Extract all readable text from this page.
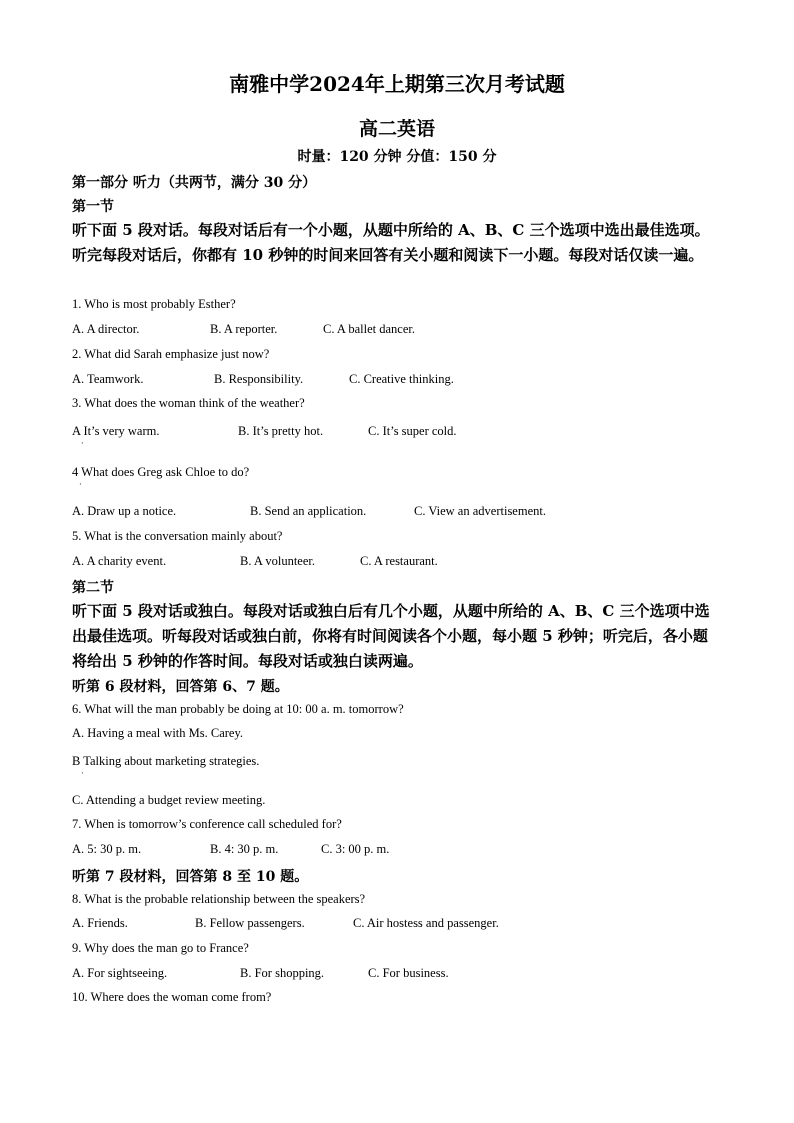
南雅中学2024年上期第三次月考试题
高二英语
时量：120 分钟 分值：150 分
第一部分 听力（共两节，满分 30 分）
第一节
听下面 5 段对话。每段对话后有一个小题，从题中所给的 A、B、C 三个选项中选出最佳选项。听完每段对话后，你都有 10 秒钟的时间来回答有关小题和阅读下一小题。每段对话仅读一遍。
1. Who is most probably Esther?
A. A director.	B. A reporter.	C. A ballet dancer.
2. What did Sarah emphasize just now?
A. Teamwork.	B. Responsibility.	C. Creative thinking.
3. What does the woman think of the weather?
A It’s very warm.	B. It’s pretty hot.	C. It’s super cold.
·
4 What does Greg ask Chloe to do?
·
A. Draw up a notice.	B. Send an application.	C. View an advertisement.
5. What is the conversation mainly about?
A. A charity event.	B. A volunteer.	C. A restaurant.
第二节
听下面 5 段对话或独白。每段对话或独白后有几个小题，从题中所给的 A、B、C 三个选项中选出最佳选项。听每段对话或独白前，你将有时间阅读各个小题，每小题 5 秒钟；听完后，各小题将给出 5 秒钟的作答时间。每段对话或独白读两遍。
听第 6 段材料，回答第 6、7 题。
6. What will the man probably be doing at 10: 00 a. m. tomorrow?
A. Having a meal with Ms. Carey.
B Talking about marketing strategies.
·
C. Attending a budget review meeting.
7. When is tomorrow’s conference call scheduled for?
A. 5: 30 p. m.	B. 4: 30 p. m.	C. 3: 00 p. m.
听第 7 段材料，回答第 8 至 10 题。
8. What is the probable relationship between the speakers?
A. Friends.	B. Fellow passengers.	C. Air hostess and passenger.
9. Why does the man go to France?
A. For sightseeing.	B. For shopping.	C. For business.
10. Where does the woman come from?
